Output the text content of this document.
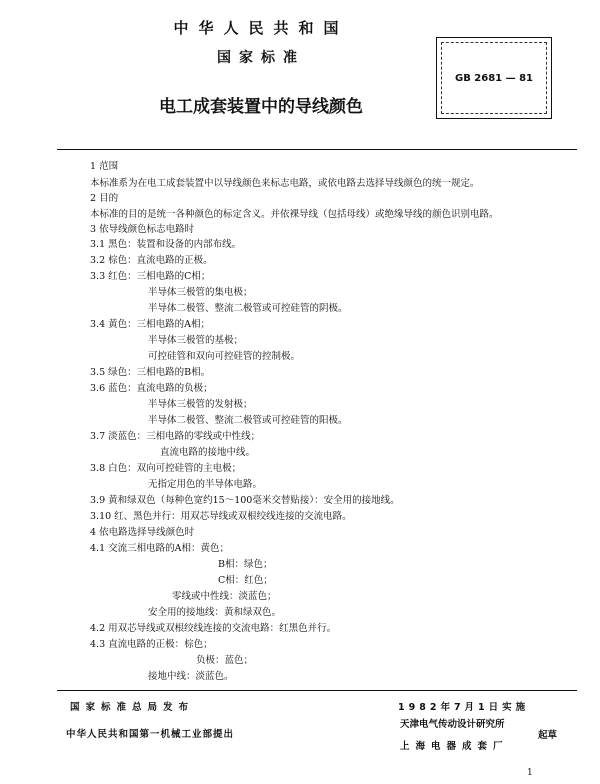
中华人民共和国
国家标准
电工成套装置中的导线颜色
GB 2681 — 81
1 范围
本标准系为在电工成套装置中以导线颜色来标志电路，或依电路去选择导线颜色的统一规定。
2 目的
本标准的目的是统一各种颜色的标定含义。并依裸导线（包括母线）或绝缘导线的颜色识别电路。
3 依导线颜色标志电路时
3.1 黑色：装置和设备的内部布线。
3.2 棕色：直流电路的正极。
3.3 红色：三相电路的C相；
半导体三极管的集电极；
半导体二极管、整流二极管或可控硅管的阴极。
3.4 黄色：三相电路的A相；
半导体三极管的基极；
可控硅管和双向可控硅管的控制极。
3.5 绿色：三相电路的B相。
3.6 蓝色：直流电路的负极；
半导体三极管的发射极；
半导体二极管、整流二极管或可控硅管的阳极。
3.7 淡蓝色：三相电路的零线或中性线；
直流电路的接地中线。
3.8 白色：双向可控硅管的主电极；
无指定用色的半导体电路。
3.9 黄和绿双色（每种色宽约15～100毫米交替贴接）：安全用的接地线。
3.10 红、黑色并行：用双芯导线或双根绞线连接的交流电路。
4 依电路选择导线颜色时
4.1 交流三相电路的A相：黄色；
B相：绿色；
C相：红色；
零线或中性线：淡蓝色；
安全用的接地线：黄和绿双色。
4.2 用双芯导线或双根绞线连接的交流电路：红黑色并行。
4.3 直流电路的正极：棕色；
负极：蓝色；
接地中线：淡蓝色。
国家标准总局发布	1982年7月1日实施
中华人民共和国第一机械工业部提出
天津电气传动设计研究所
上海电器成套厂
起草
1
